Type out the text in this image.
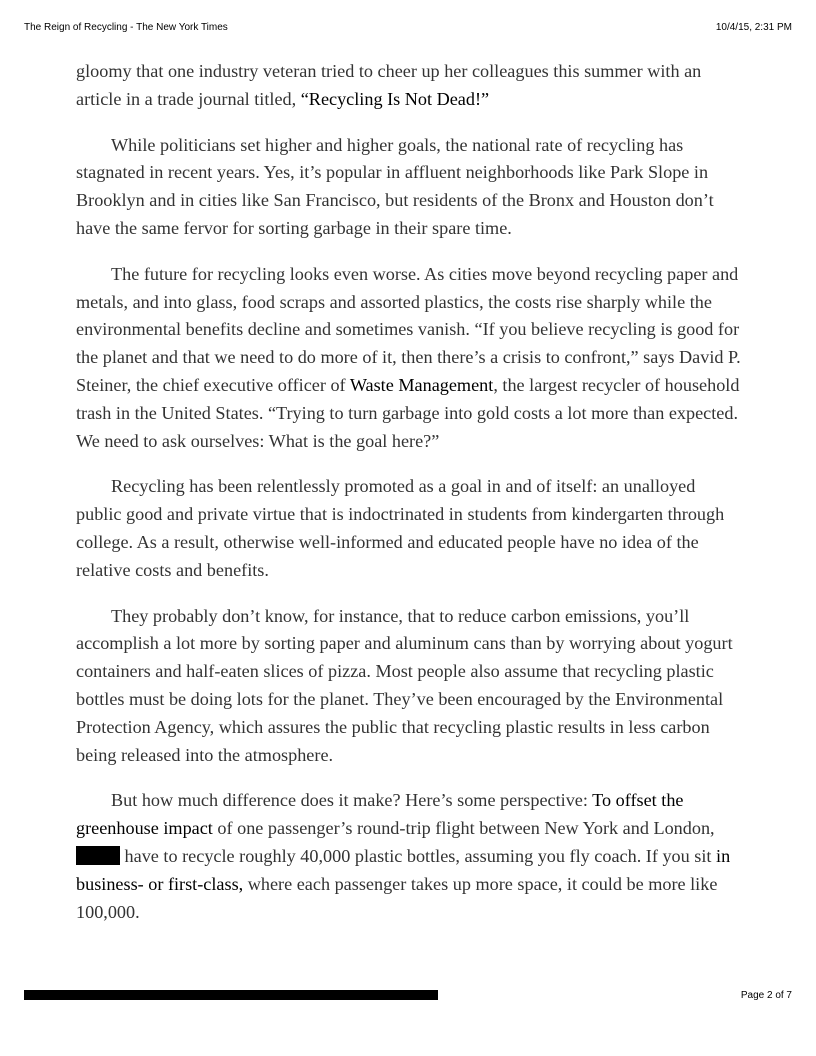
The Reign of Recycling - The New York Times	10/4/15, 2:31 PM

gloomy that one industry veteran tried to cheer up her colleagues this summer with an article in a trade journal titled, “Recycling Is Not Dead!”

While politicians set higher and higher goals, the national rate of recycling has stagnated in recent years. Yes, it’s popular in affluent neighborhoods like Park Slope in Brooklyn and in cities like San Francisco, but residents of the Bronx and Houston don’t have the same fervor for sorting garbage in their spare time.

The future for recycling looks even worse. As cities move beyond recycling paper and metals, and into glass, food scraps and assorted plastics, the costs rise sharply while the environmental benefits decline and sometimes vanish. “If you believe recycling is good for the planet and that we need to do more of it, then there’s a crisis to confront,” says David P. Steiner, the chief executive officer of Waste Management, the largest recycler of household trash in the United States. “Trying to turn garbage into gold costs a lot more than expected. We need to ask ourselves: What is the goal here?”

Recycling has been relentlessly promoted as a goal in and of itself: an unalloyed public good and private virtue that is indoctrinated in students from kindergarten through college. As a result, otherwise well-informed and educated people have no idea of the relative costs and benefits.

They probably don’t know, for instance, that to reduce carbon emissions, you’ll accomplish a lot more by sorting paper and aluminum cans than by worrying about yogurt containers and half-eaten slices of pizza. Most people also assume that recycling plastic bottles must be doing lots for the planet. They’ve been encouraged by the Environmental Protection Agency, which assures the public that recycling plastic results in less carbon being released into the atmosphere.

But how much difference does it make? Here’s some perspective: To offset the greenhouse impact of one passenger’s round-trip flight between New York and London,  have to recycle roughly 40,000 plastic bottles, assuming you fly coach. If you sit in business- or first-class, where each passenger takes up more space, it could be more like 100,000.

Page 2 of 7
